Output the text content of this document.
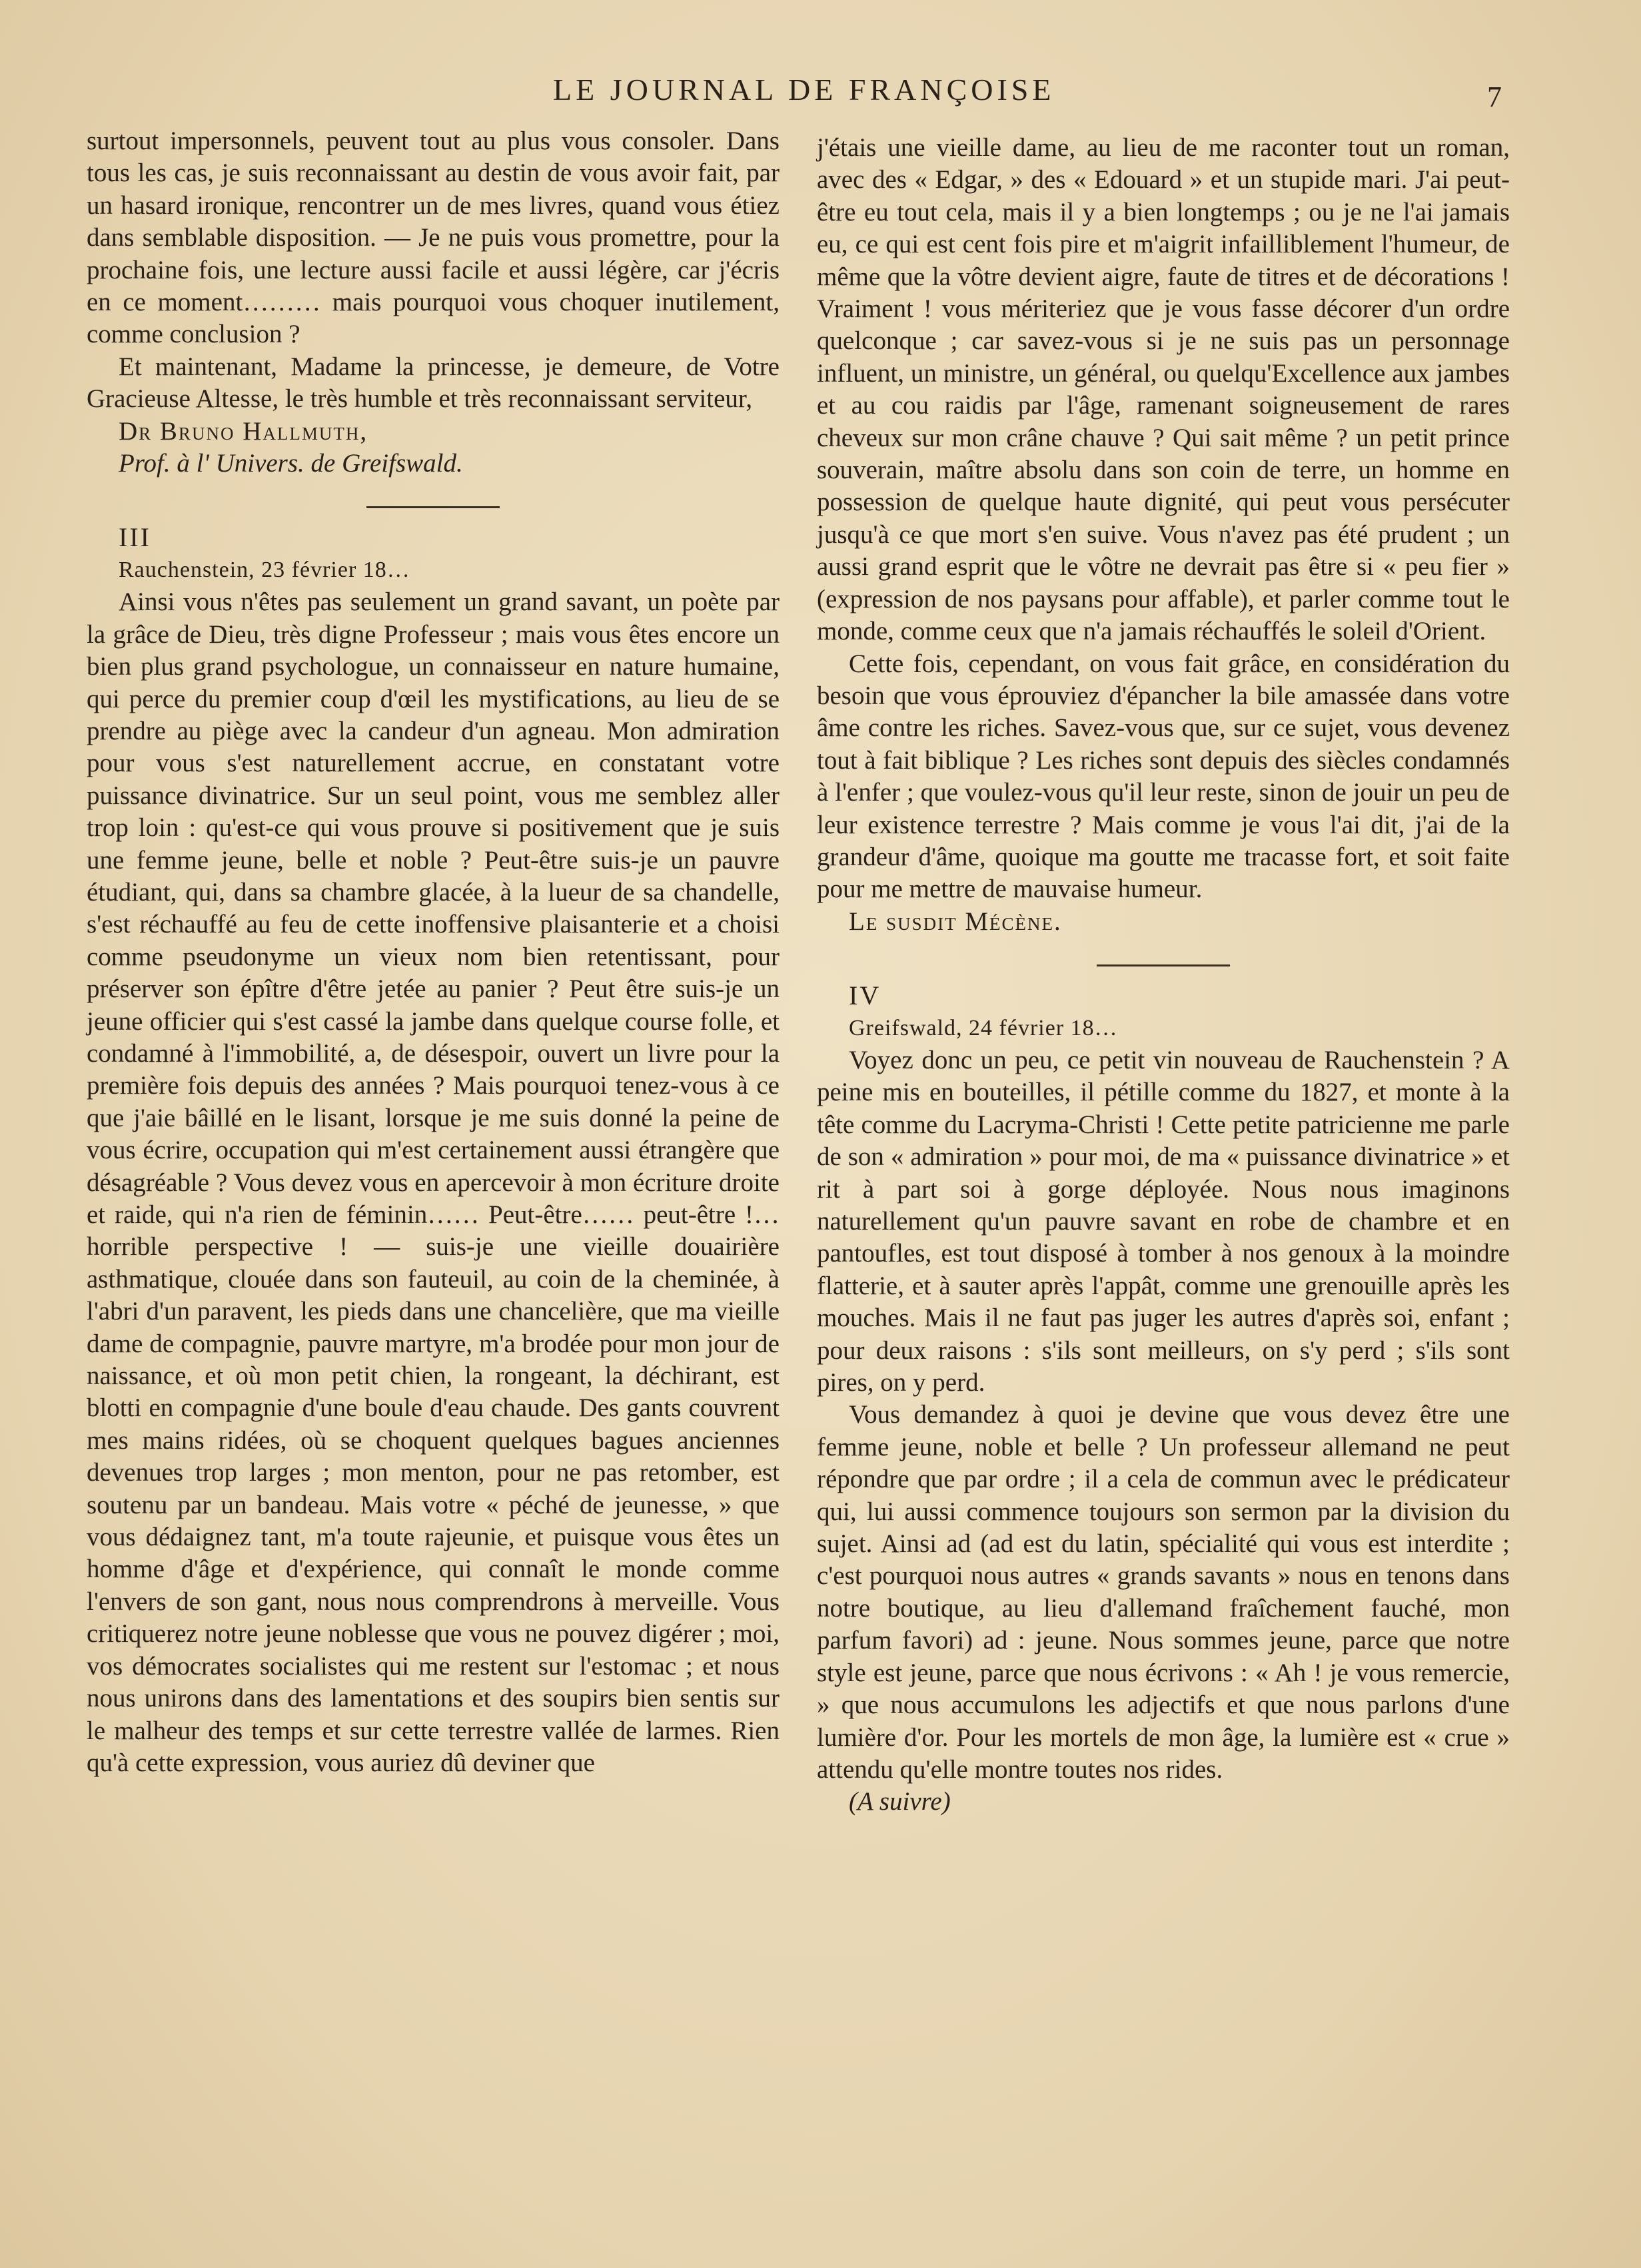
LE JOURNAL DE FRANÇOISE	7

surtout impersonnels, peuvent tout au plus vous consoler. Dans tous les cas, je suis reconnaissant au destin de vous avoir fait, par un hasard ironique, rencontrer un de mes livres, quand vous étiez dans semblable disposition. — Je ne puis vous promettre, pour la prochaine fois, une lecture aussi facile et aussi légère, car j'écris en ce moment……… mais pourquoi vous choquer inutilement, comme conclusion ?

Et maintenant, Madame la princesse, je demeure, de Votre Gracieuse Altesse, le très humble et très reconnaissant serviteur,

Dr Bruno Hallmuth,

Prof. à l' Univers. de Greifswald.

III

Rauchenstein, 23 février 18…

Ainsi vous n'êtes pas seulement un grand savant, un poète par la grâce de Dieu, très digne Professeur ; mais vous êtes encore un bien plus grand psychologue, un connaisseur en nature humaine, qui perce du premier coup d'œil les mystifications, au lieu de se prendre au piège avec la candeur d'un agneau. Mon admiration pour vous s'est naturellement accrue, en constatant votre puissance divinatrice. Sur un seul point, vous me semblez aller trop loin : qu'est-ce qui vous prouve si positivement que je suis une femme jeune, belle et noble ? Peut-être suis-je un pauvre étudiant, qui, dans sa chambre glacée, à la lueur de sa chandelle, s'est réchauffé au feu de cette inoffensive plaisanterie et a choisi comme pseudonyme un vieux nom bien retentissant, pour préserver son épître d'être jetée au panier ? Peut être suis-je un jeune officier qui s'est cassé la jambe dans quelque course folle, et condamné à l'immobilité, a, de désespoir, ouvert un livre pour la première fois depuis des années ? Mais pourquoi tenez-vous à ce que j'aie bâillé en le lisant, lorsque je me suis donné la peine de vous écrire, occupation qui m'est certainement aussi étrangère que désagréable ? Vous devez vous en apercevoir à mon écriture droite et raide, qui n'a rien de féminin…… Peut-être…… peut-être !… horrible perspective ! — suis-je une vieille douairière asthmatique, clouée dans son fauteuil, au coin de la cheminée, à l'abri d'un paravent, les pieds dans une chancelière, que ma vieille dame de compagnie, pauvre martyre, m'a brodée pour mon jour de naissance, et où mon petit chien, la rongeant, la déchirant, est blotti en compagnie d'une boule d'eau chaude. Des gants couvrent mes mains ridées, où se choquent quelques bagues anciennes devenues trop larges ; mon menton, pour ne pas retomber, est soutenu par un bandeau. Mais votre « péché de jeunesse, » que vous dédaignez tant, m'a toute rajeunie, et puisque vous êtes un homme d'âge et d'expérience, qui connaît le monde comme l'envers de son gant, nous nous comprendrons à merveille. Vous critiquerez notre jeune noblesse que vous ne pouvez digérer ; moi, vos démocrates socialistes qui me restent sur l'estomac ; et nous nous unirons dans des lamentations et des soupirs bien sentis sur le malheur des temps et sur cette terrestre vallée de larmes. Rien qu'à cette expression, vous auriez dû deviner que

j'étais une vieille dame, au lieu de me raconter tout un roman, avec des « Edgar, » des « Edouard » et un stupide mari. J'ai peut-être eu tout cela, mais il y a bien longtemps ; ou je ne l'ai jamais eu, ce qui est cent fois pire et m'aigrit infailliblement l'humeur, de même que la vôtre devient aigre, faute de titres et de décorations ! Vraiment ! vous mériteriez que je vous fasse décorer d'un ordre quelconque ; car savez-vous si je ne suis pas un personnage influent, un ministre, un général, ou quelqu'Excellence aux jambes et au cou raidis par l'âge, ramenant soigneusement de rares cheveux sur mon crâne chauve ? Qui sait même ? un petit prince souverain, maître absolu dans son coin de terre, un homme en possession de quelque haute dignité, qui peut vous persécuter jusqu'à ce que mort s'en suive. Vous n'avez pas été prudent ; un aussi grand esprit que le vôtre ne devrait pas être si « peu fier » (expression de nos paysans pour affable), et parler comme tout le monde, comme ceux que n'a jamais réchauffés le soleil d'Orient.

Cette fois, cependant, on vous fait grâce, en considération du besoin que vous éprouviez d'épancher la bile amassée dans votre âme contre les riches. Savez-vous que, sur ce sujet, vous devenez tout à fait biblique ? Les riches sont depuis des siècles condamnés à l'enfer ; que voulez-vous qu'il leur reste, sinon de jouir un peu de leur existence terrestre ? Mais comme je vous l'ai dit, j'ai de la grandeur d'âme, quoique ma goutte me tracasse fort, et soit faite pour me mettre de mauvaise humeur.

Le susdit Mécène.

IV

Greifswald, 24 février 18…

Voyez donc un peu, ce petit vin nouveau de Rauchenstein ? A peine mis en bouteilles, il pétille comme du 1827, et monte à la tête comme du Lacryma-Christi ! Cette petite patricienne me parle de son « admiration » pour moi, de ma « puissance divinatrice » et rit à part soi à gorge déployée. Nous nous imaginons naturellement qu'un pauvre savant en robe de chambre et en pantoufles, est tout disposé à tomber à nos genoux à la moindre flatterie, et à sauter après l'appât, comme une grenouille après les mouches. Mais il ne faut pas juger les autres d'après soi, enfant ; pour deux raisons : s'ils sont meilleurs, on s'y perd ; s'ils sont pires, on y perd.

Vous demandez à quoi je devine que vous devez être une femme jeune, noble et belle ? Un professeur allemand ne peut répondre que par ordre ; il a cela de commun avec le prédicateur qui, lui aussi commence toujours son sermon par la division du sujet. Ainsi ad (ad est du latin, spécialité qui vous est interdite ; c'est pourquoi nous autres « grands savants » nous en tenons dans notre boutique, au lieu d'allemand fraîchement fauché, mon parfum favori) ad : jeune. Nous sommes jeune, parce que notre style est jeune, parce que nous écrivons : « Ah ! je vous remercie, » que nous accumulons les adjectifs et que nous parlons d'une lumière d'or. Pour les mortels de mon âge, la lumière est « crue » attendu qu'elle montre toutes nos rides.

(A suivre)
